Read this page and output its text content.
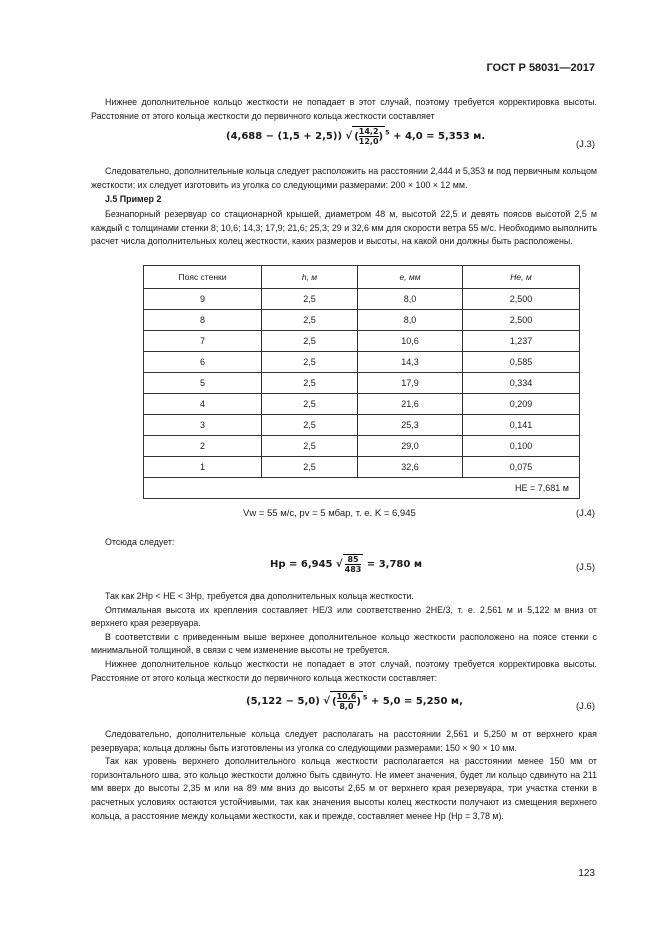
ГОСТ Р 58031—2017

Нижнее дополнительное кольцо жесткости не попадает в этот случай, поэтому требуется корректировка высоты. Расстояние от этого кольца жесткости до первичного кольца жесткости составляет

(4,688 − (1,5 + 2,5)) √ ( $\frac{14,2}{12,0}$ ) $^5$ + 4,0 = 5,353 м.
(J.3)

Следовательно, дополнительные кольца следует расположить на расстоянии 2,444 и 5,353 м под первичным кольцом жесткости; их следует изготовить из уголка со следующими размерами: 200 × 100 × 12 мм.

J.5 Пример 2

Безнапорный резервуар со стационарной крышей, диаметром 48 м, высотой 22,5 и девять поясов высотой 2,5 м каждый с толщинами стенки 8; 10,6; 14,3; 17,9; 21,6; 25,3; 29 и 32,6 мм для скорости ветра 55 м/с. Необходимо выполнить расчет числа дополнительных колец жесткости, каких размеров и высоты, на какой они должны быть расположены.

Пояс стенки	h, м	e, мм	He, м
9	2,5	8,0	2,500
8	2,5	8,0	2,500
7	2,5	10,6	1,237
6	2,5	14,3	0,585
5	2,5	17,9	0,334
4	2,5	21,6	0,209
3	2,5	25,3	0,141
2	2,5	29,0	0,100
1	2,5	32,6	0,075
HE = 7,681 м			
Vw = 55 м/с, pv = 5 мбар, т. е. K = 6,945	(J.4)
Отсюда следует:
Hp = 6,945 √ $\frac{85}{483} = 3,780$ м	(J.5)

Так как 2Hp < HE < 3Hp, требуется два дополнительных кольца жесткости.

Оптимальная высота их крепления составляет HE/3 или соответственно 2HE/3, т. е. 2,561 м и 5,122 м вниз от верхнего края резервуара.

В соответствии с приведенным выше верхнее дополнительное кольцо жесткости расположено на поясе стенки с минимальной толщиной, в связи с чем изменение высоты не требуется.

Нижнее дополнительное кольцо жесткости не попадает в этот случай, поэтому требуется корректировка высоты. Расстояние от этого кольца жесткости до первичного кольца жесткости составляет:

(5,122 − 5,0) √ ( $\frac{10,6}{8,0}$ ) $^5$ + 5,0 = 5,250 м,	(J.6)

Следовательно, дополнительные кольца следует располагать на расстоянии 2,561 и 5,250 м от верхнего края резервуара; кольца должны быть изготовлены из уголка со следующими размерами: 150 × 90 × 10 мм.

Так как уровень верхнего дополнительного кольца жесткости располагается на расстоянии менее 150 мм от горизонтального шва, это кольцо жесткости должно быть сдвинуто. Не имеет значения, будет ли кольцо сдвинуто на 211 мм вверх до высоты 2,35 м или на 89 мм вниз до высоты 2,65 м от верхнего края резервуара, три участка стенки в расчетных условиях остаются устойчивыми, так как значения высоты колец жесткости получают из смещения верхнего кольца, а расстояние между кольцами жесткости, как и прежде, составляет менее Hp (Hp = 3,78 м).

123
